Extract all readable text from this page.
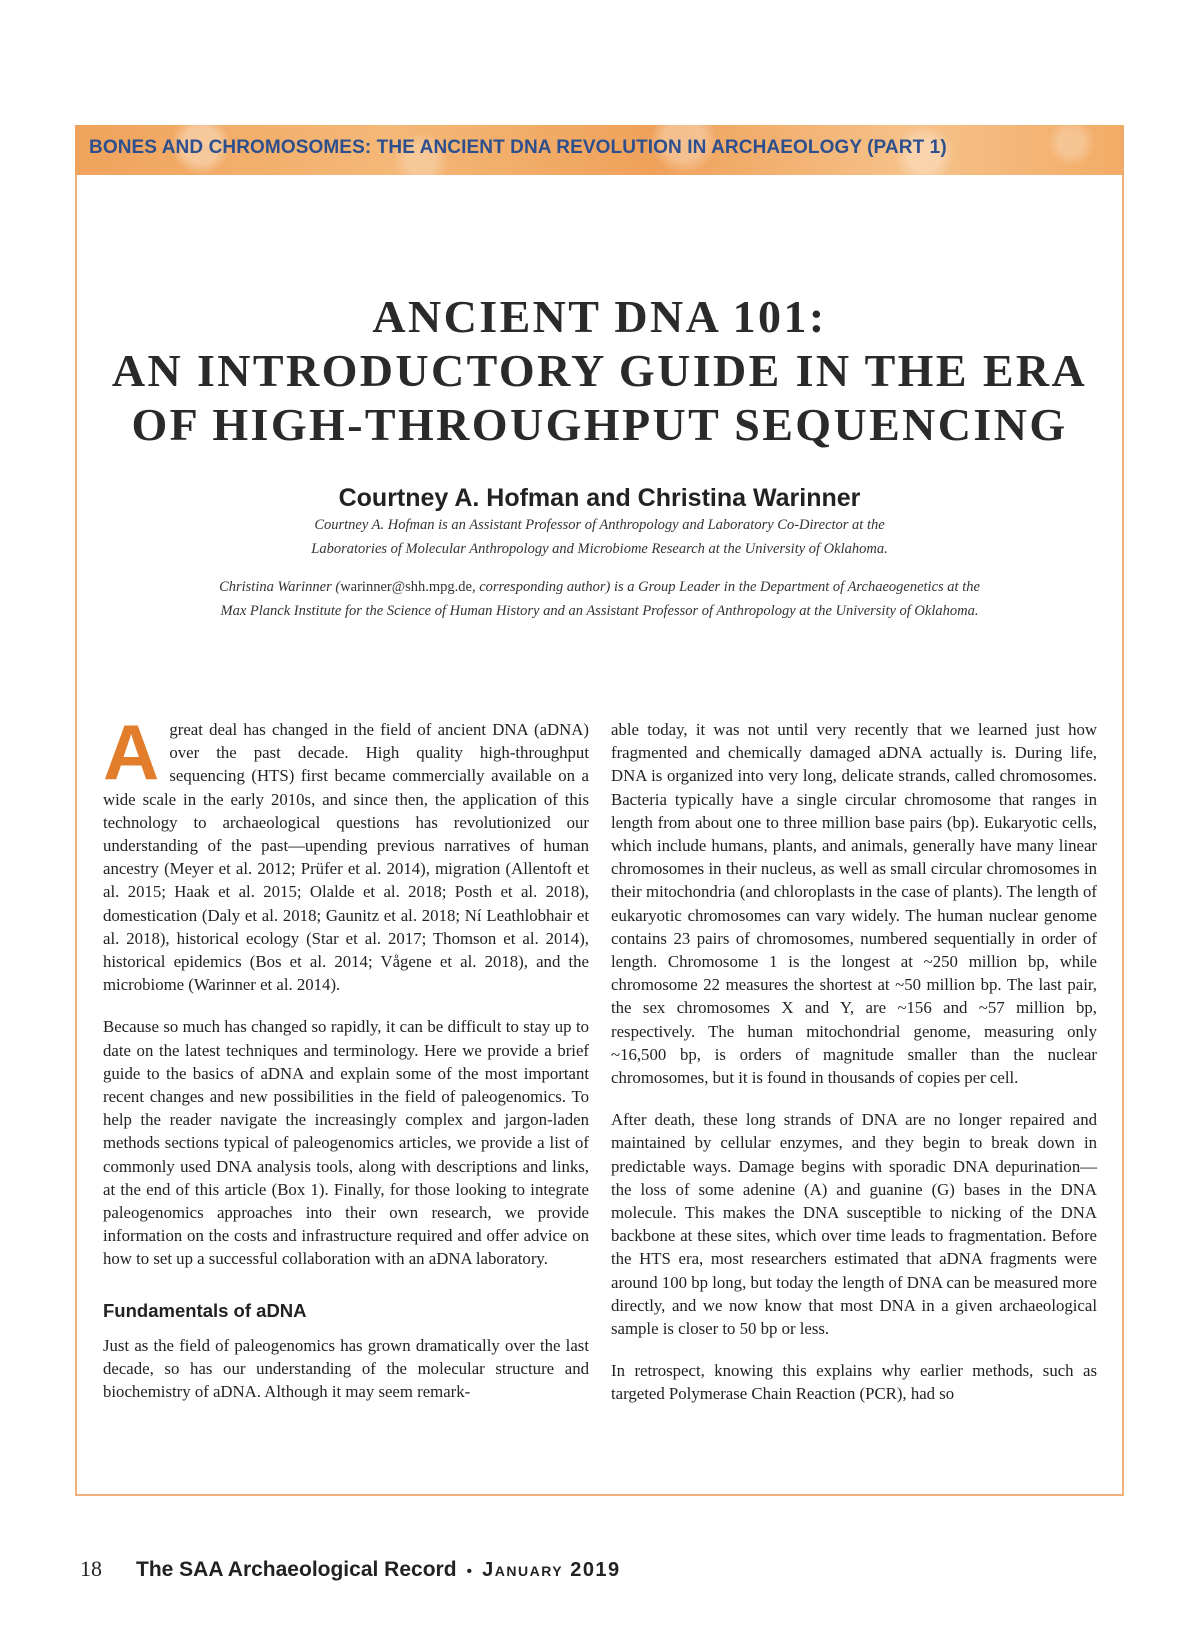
BONES AND CHROMOSOMES: THE ANCIENT DNA REVOLUTION IN ARCHAEOLOGY (PART 1)
ANCIENT DNA 101:
AN INTRODUCTORY GUIDE IN THE ERA
OF HIGH-THROUGHPUT SEQUENCING
Courtney A. Hofman and Christina Warinner
Courtney A. Hofman is an Assistant Professor of Anthropology and Laboratory Co-Director at the
Laboratories of Molecular Anthropology and Microbiome Research at the University of Oklahoma.
Christina Warinner (warinner@shh.mpg.de, corresponding author) is a Group Leader in the Department of Archaeogenetics at the
Max Planck Institute for the Science of Human History and an Assistant Professor of Anthropology at the University of Oklahoma.

Agreat deal has changed in the field of ancient DNA (aDNA) over the past decade. High quality high-throughput sequencing (HTS) first became commercially available on a wide scale in the early 2010s, and since then, the application of this technology to archaeological questions has revolutionized our understanding of the past—upending previous narratives of human ancestry (Meyer et al. 2012; Prüfer et al. 2014), migration (Allentoft et al. 2015; Haak et al. 2015; Olalde et al. 2018; Posth et al. 2018), domestication (Daly et al. 2018; Gaunitz et al. 2018; Ní Leathlobhair et al. 2018), historical ecology (Star et al. 2017; Thomson et al. 2014), historical epidemics (Bos et al. 2014; Vågene et al. 2018), and the microbiome (Warinner et al. 2014).

Because so much has changed so rapidly, it can be difficult to stay up to date on the latest techniques and terminology. Here we provide a brief guide to the basics of aDNA and explain some of the most important recent changes and new possibilities in the field of paleogenomics. To help the reader navigate the increasingly complex and jargon-laden methods sections typical of paleogenomics articles, we provide a list of commonly used DNA analysis tools, along with descriptions and links, at the end of this article (Box 1). Finally, for those looking to integrate paleogenomics approaches into their own research, we provide information on the costs and infrastructure required and offer advice on how to set up a successful collaboration with an aDNA laboratory.

Fundamentals of aDNA

Just as the field of paleogenomics has grown dramatically over the last decade, so has our understanding of the molecular structure and biochemistry of aDNA. Although it may seem remark-

able today, it was not until very recently that we learned just how fragmented and chemically damaged aDNA actually is. During life, DNA is organized into very long, delicate strands, called chromosomes. Bacteria typically have a single circular chromosome that ranges in length from about one to three million base pairs (bp). Eukaryotic cells, which include humans, plants, and animals, generally have many linear chromosomes in their nucleus, as well as small circular chromosomes in their mitochondria (and chloroplasts in the case of plants). The length of eukaryotic chromosomes can vary widely. The human nuclear genome contains 23 pairs of chromosomes, numbered sequentially in order of length. Chromosome 1 is the longest at ~250 million bp, while chromosome 22 measures the shortest at ~50 million bp. The last pair, the sex chromosomes X and Y, are ~156 and ~57 million bp, respectively. The human mitochondrial genome, measuring only ~16,500 bp, is orders of magnitude smaller than the nuclear chromosomes, but it is found in thousands of copies per cell.

After death, these long strands of DNA are no longer repaired and maintained by cellular enzymes, and they begin to break down in predictable ways. Damage begins with sporadic DNA depurination—the loss of some adenine (A) and guanine (G) bases in the DNA molecule. This makes the DNA susceptible to nicking of the DNA backbone at these sites, which over time leads to fragmentation. Before the HTS era, most researchers estimated that aDNA fragments were around 100 bp long, but today the length of DNA can be measured more directly, and we now know that most DNA in a given archaeological sample is closer to 50 bp or less.

In retrospect, knowing this explains why earlier methods, such as targeted Polymerase Chain Reaction (PCR), had so

18 The SAA Archaeological Record • January 2019
